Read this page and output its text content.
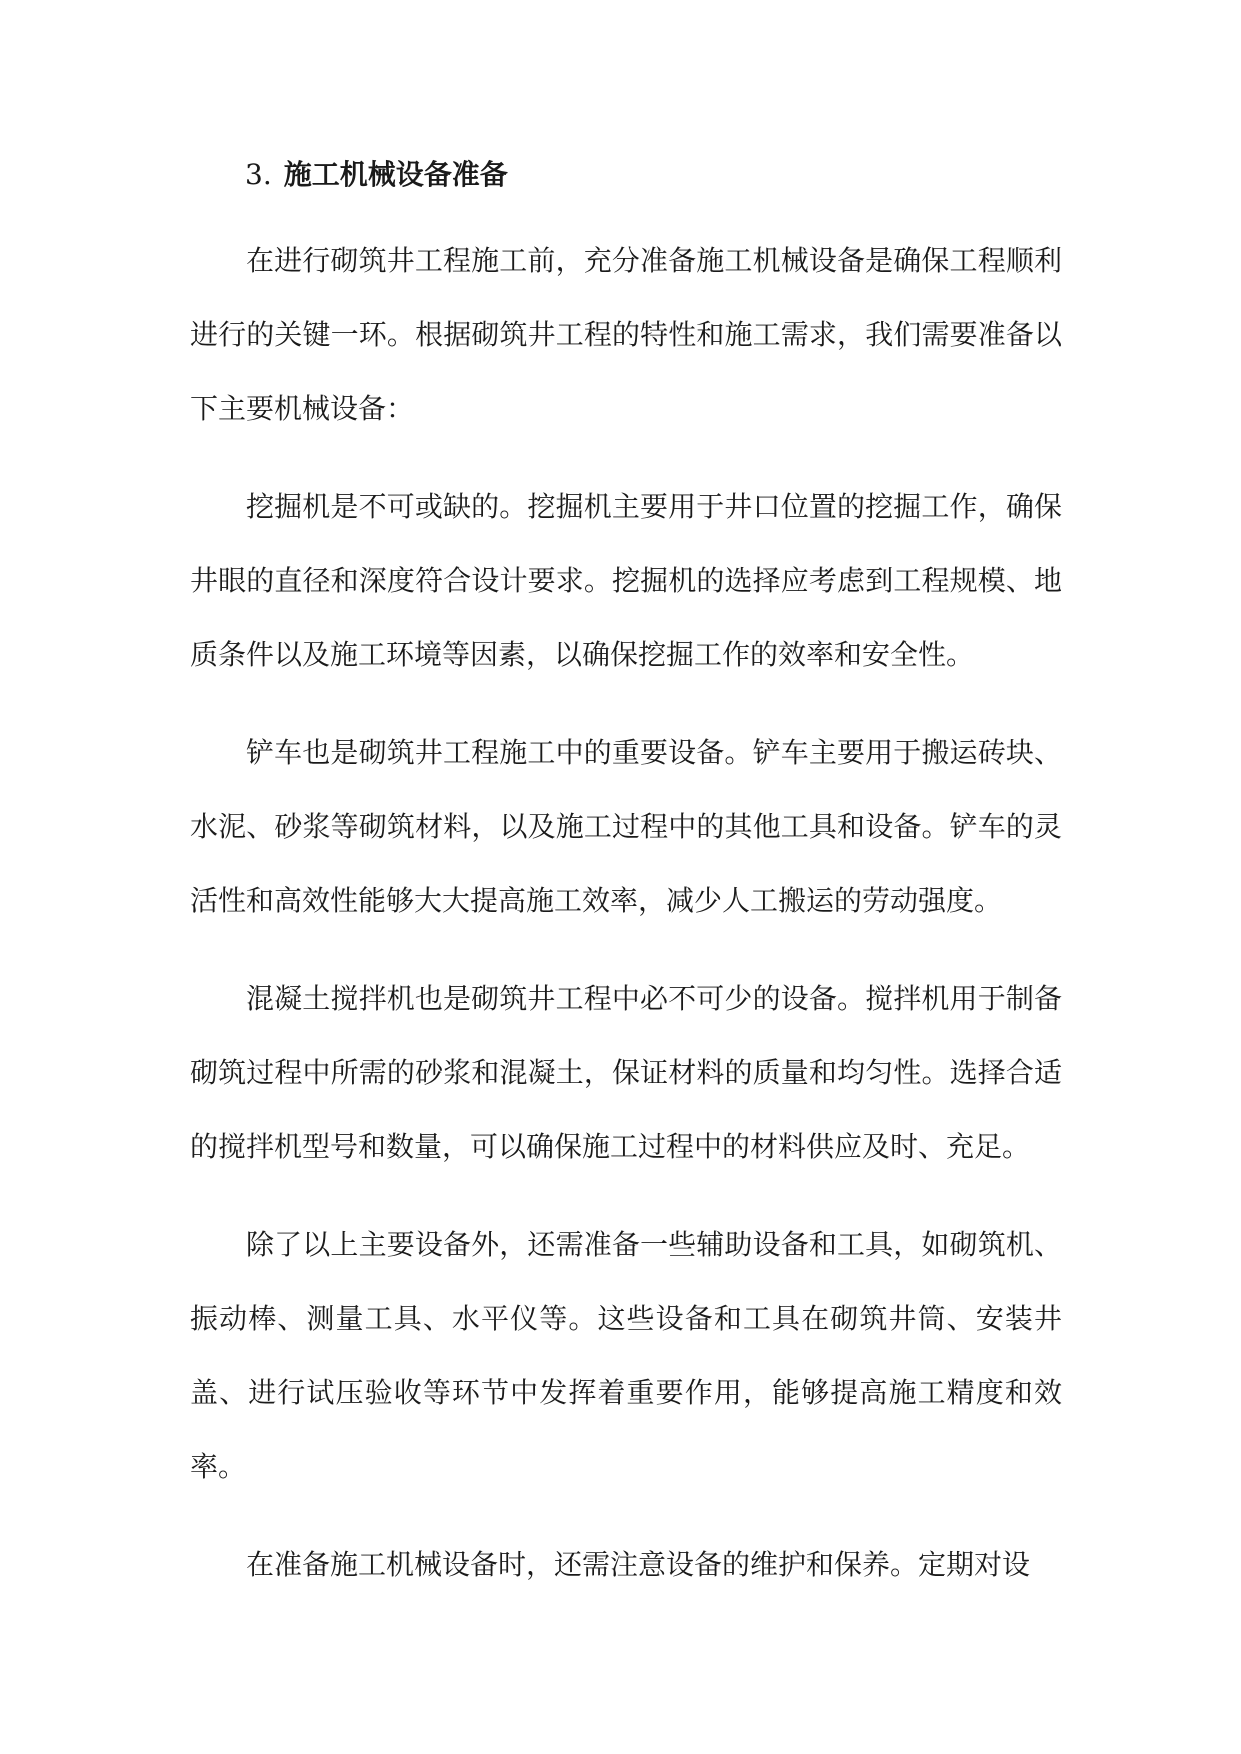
3. 施工机械设备准备

在进行砌筑井工程施工前，充分准备施工机械设备是确保工程顺利进行的关键一环。根据砌筑井工程的特性和施工需求，我们需要准备以下主要机械设备：

挖掘机是不可或缺的。挖掘机主要用于井口位置的挖掘工作，确保井眼的直径和深度符合设计要求。挖掘机的选择应考虑到工程规模、地质条件以及施工环境等因素，以确保挖掘工作的效率和安全性。

铲车也是砌筑井工程施工中的重要设备。铲车主要用于搬运砖块、水泥、砂浆等砌筑材料，以及施工过程中的其他工具和设备。铲车的灵活性和高效性能够大大提高施工效率，减少人工搬运的劳动强度。

混凝土搅拌机也是砌筑井工程中必不可少的设备。搅拌机用于制备砌筑过程中所需的砂浆和混凝土，保证材料的质量和均匀性。选择合适的搅拌机型号和数量，可以确保施工过程中的材料供应及时、充足。

除了以上主要设备外，还需准备一些辅助设备和工具，如砌筑机、振动棒、测量工具、水平仪等。这些设备和工具在砌筑井筒、安装井盖、进行试压验收等环节中发挥着重要作用，能够提高施工精度和效率。

在准备施工机械设备时，还需注意设备的维护和保养。定期对设
